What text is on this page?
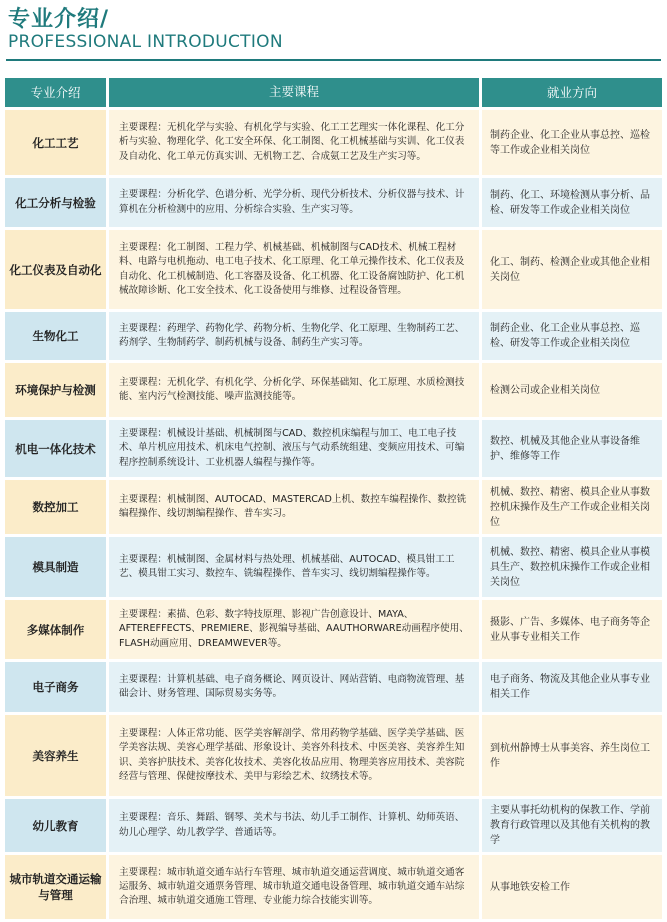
专业介绍/
PROFESSIONAL INTRODUCTION
专业介绍	主要课程	就业方向
化工工艺
主要课程：无机化学与实验、有机化学与实验、化工工艺理实一体化课程、化工分析与实验、物理化学、化工安全环保、化工制图、化工机械基础与实训、化工仪表及自动化、化工单元仿真实训、无机物工艺、合成氨工艺及生产实习等。
制药企业、化工企业从事总控、巡检等工作或企业相关岗位
化工分析与检验
主要课程：分析化学、色谱分析、光学分析、现代分析技术、分析仪器与技术、计算机在分析检测中的应用、分析综合实验、生产实习等。
制药、化工、环境检测从事分析、品检、研发等工作或企业相关岗位
化工仪表及自动化
主要课程：化工制图、工程力学、机械基础、机械制图与CAD技术、机械工程材料、电路与电机拖动、电工电子技术、化工原理、化工单元操作技术、化工仪表及自动化、化工机械制造、化工容器及设备、化工机器、化工设备腐蚀防护、化工机械故障诊断、化工安全技术、化工设备使用与维修、过程设备管理。
化工、制药、检测企业或其他企业相关岗位
生物化工
主要课程：药理学、药物化学、药物分析、生物化学、化工原理、生物制药工艺、药剂学、生物制药学、制药机械与设备、制药生产实习等。
制药企业、化工企业从事总控、巡检、研发等工作或企业相关岗位
环境保护与检测
主要课程：无机化学、有机化学、分析化学、环保基础知、化工原理、水质检测技能、室内污气检测技能、噪声监测技能等。
检测公司或企业相关岗位
机电一体化技术
主要课程：机械设计基础、机械制图与CAD、数控机床编程与加工、电工电子技术、单片机应用技术、机床电气控制、液压与气动系统组建、变频应用技术、可编程序控制系统设计、工业机器人编程与操作等。
数控、机械及其他企业从事设备维护、维修等工作
数控加工
主要课程：机械制图、AUTOCAD、MASTERCAD上机、数控车编程操作、数控铣编程操作、线切割编程操作、普车实习。
机械、数控、精密、模具企业从事数控机床操作及生产工作或企业相关岗位
模具制造
主要课程：机械制图、金属材料与热处理、机械基础、AUTOCAD、模具钳工工艺、模具钳工实习、数控车、铣编程操作、普车实习、线切割编程操作等。
机械、数控、精密、模具企业从事模具生产、数控机床操作工作或企业相关岗位
多媒体制作
主要课程：素描、色彩、数字特技原理、影视广告创意设计、MAYA、AFTEREFFECTS、PREMIERE、影视编导基础、AAUTHORWARE动画程序使用、FLASH动画应用、DREAMWEVER等。
摄影、广告、多媒体、电子商务等企业从事专业相关工作
电子商务
主要课程：计算机基础、电子商务概论、网页设计、网站营销、电商物流管理、基础会计、财务管理、国际贸易实务等。
电子商务、物流及其他企业从事专业相关工作
美容养生
主要课程：人体正常功能、医学美容解剖学、常用药物学基础、医学美学基础、医学美容法规、美容心理学基础、形象设计、美容外科技术、中医美容、美容养生知识、美容护肤技术、美容化妆技术、美容化妆品应用、物理美容应用技术、美容院经营与管理、保健按摩技术、美甲与彩绘艺术、纹绣技术等。
到杭州静博士从事美容、养生岗位工作
幼儿教育
主要课程：音乐、舞蹈、钢琴、美术与书法、幼儿手工制作、计算机、幼师英语、幼儿心理学、幼儿教学学、普通话等。
主要从事托幼机构的保教工作、学前教育行政管理以及其他有关机构的教学
城市轨道交通运输与管理
主要课程：城市轨道交通车站行车管理、城市轨道交通运营调度、城市轨道交通客运服务、城市轨道交通票务管理、城市轨道交通电设备管理、城市轨道交通车站综合治理、城市轨道交通施工管理、专业能力综合技能实训等。
从事地铁安检工作
